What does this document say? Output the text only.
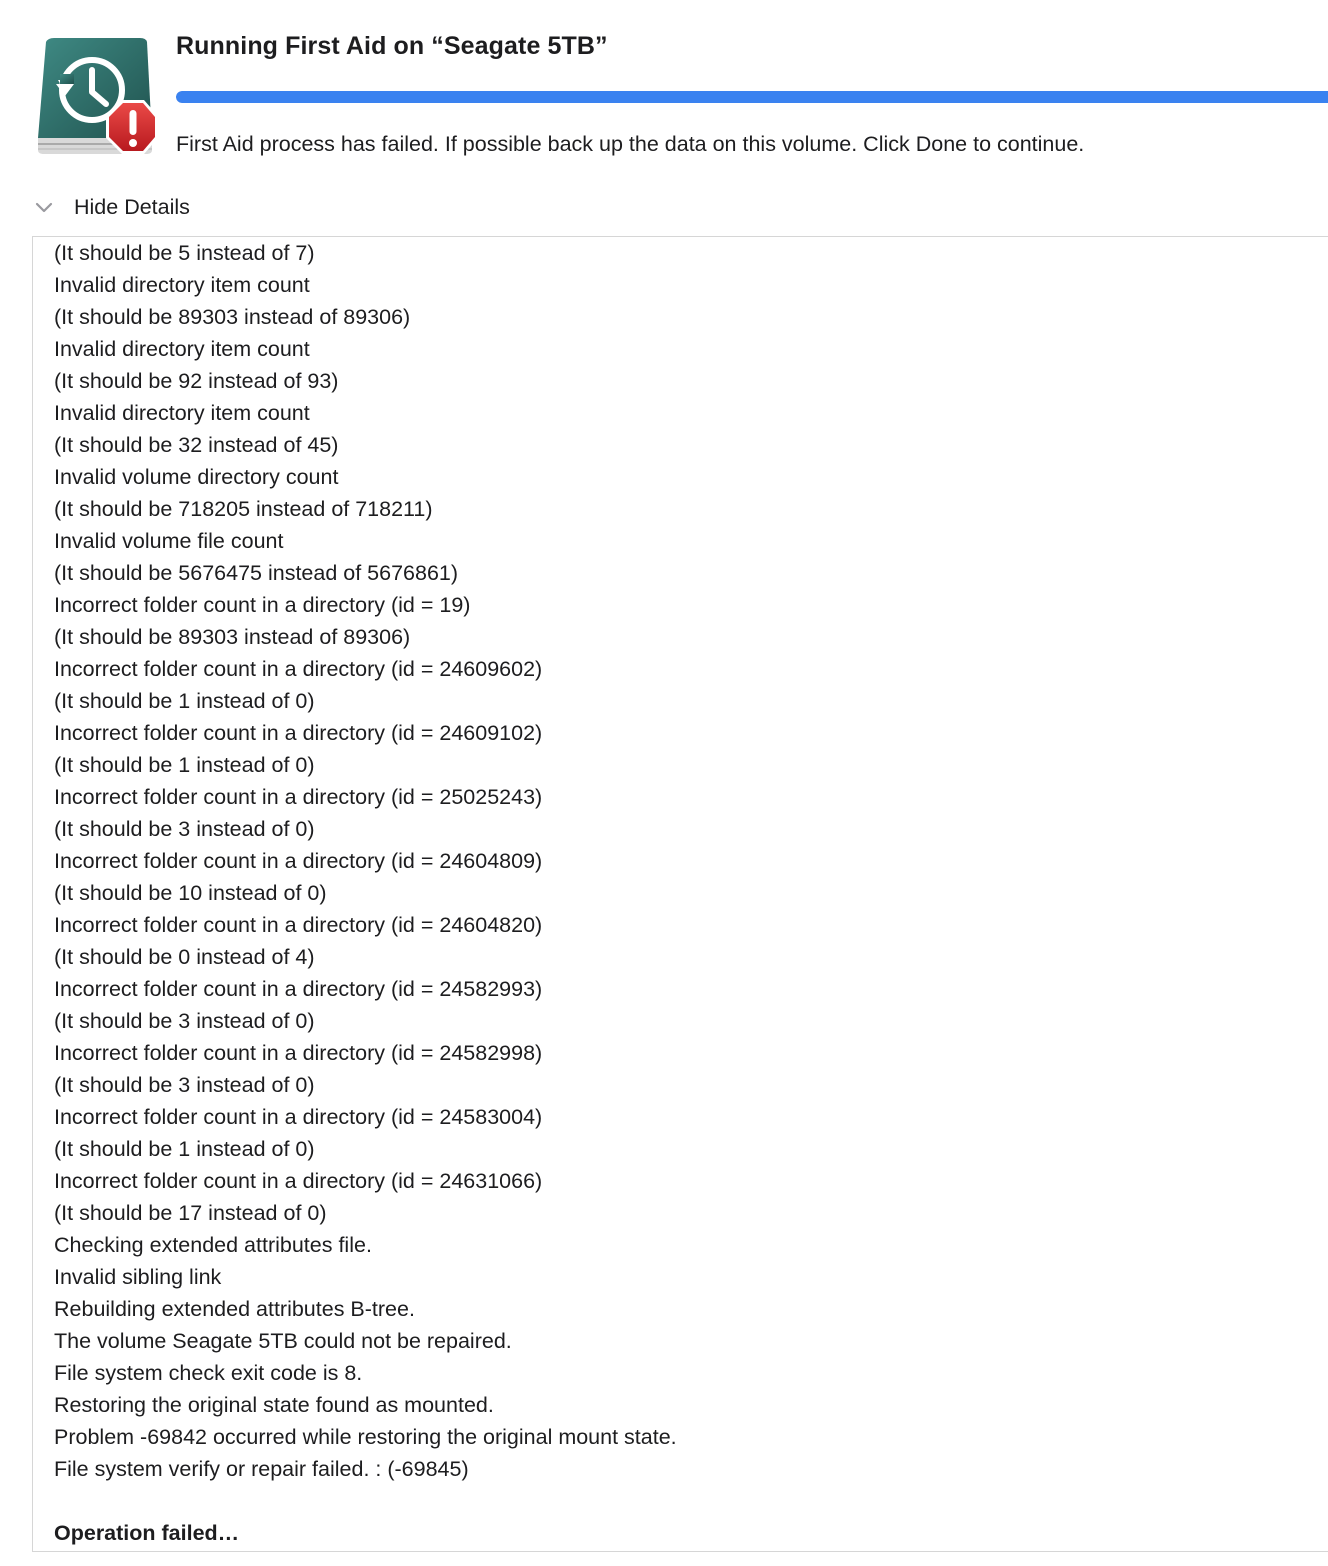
Running First Aid on “Seagate 5TB”
First Aid process has failed. If possible back up the data on this volume. Click Done to continue.
Hide Details
(It should be 5 instead of 7)
Invalid directory item count
(It should be 89303 instead of 89306)
Invalid directory item count
(It should be 92 instead of 93)
Invalid directory item count
(It should be 32 instead of 45)
Invalid volume directory count
(It should be 718205 instead of 718211)
Invalid volume file count
(It should be 5676475 instead of 5676861)
Incorrect folder count in a directory (id = 19)
(It should be 89303 instead of 89306)
Incorrect folder count in a directory (id = 24609602)
(It should be 1 instead of 0)
Incorrect folder count in a directory (id = 24609102)
(It should be 1 instead of 0)
Incorrect folder count in a directory (id = 25025243)
(It should be 3 instead of 0)
Incorrect folder count in a directory (id = 24604809)
(It should be 10 instead of 0)
Incorrect folder count in a directory (id = 24604820)
(It should be 0 instead of 4)
Incorrect folder count in a directory (id = 24582993)
(It should be 3 instead of 0)
Incorrect folder count in a directory (id = 24582998)
(It should be 3 instead of 0)
Incorrect folder count in a directory (id = 24583004)
(It should be 1 instead of 0)
Incorrect folder count in a directory (id = 24631066)
(It should be 17 instead of 0)
Checking extended attributes file.
Invalid sibling link
Rebuilding extended attributes B-tree.
The volume Seagate 5TB could not be repaired.
File system check exit code is 8.
Restoring the original state found as mounted.
Problem -69842 occurred while restoring the original mount state.
File system verify or repair failed. : (-69845)
Operation failed…
